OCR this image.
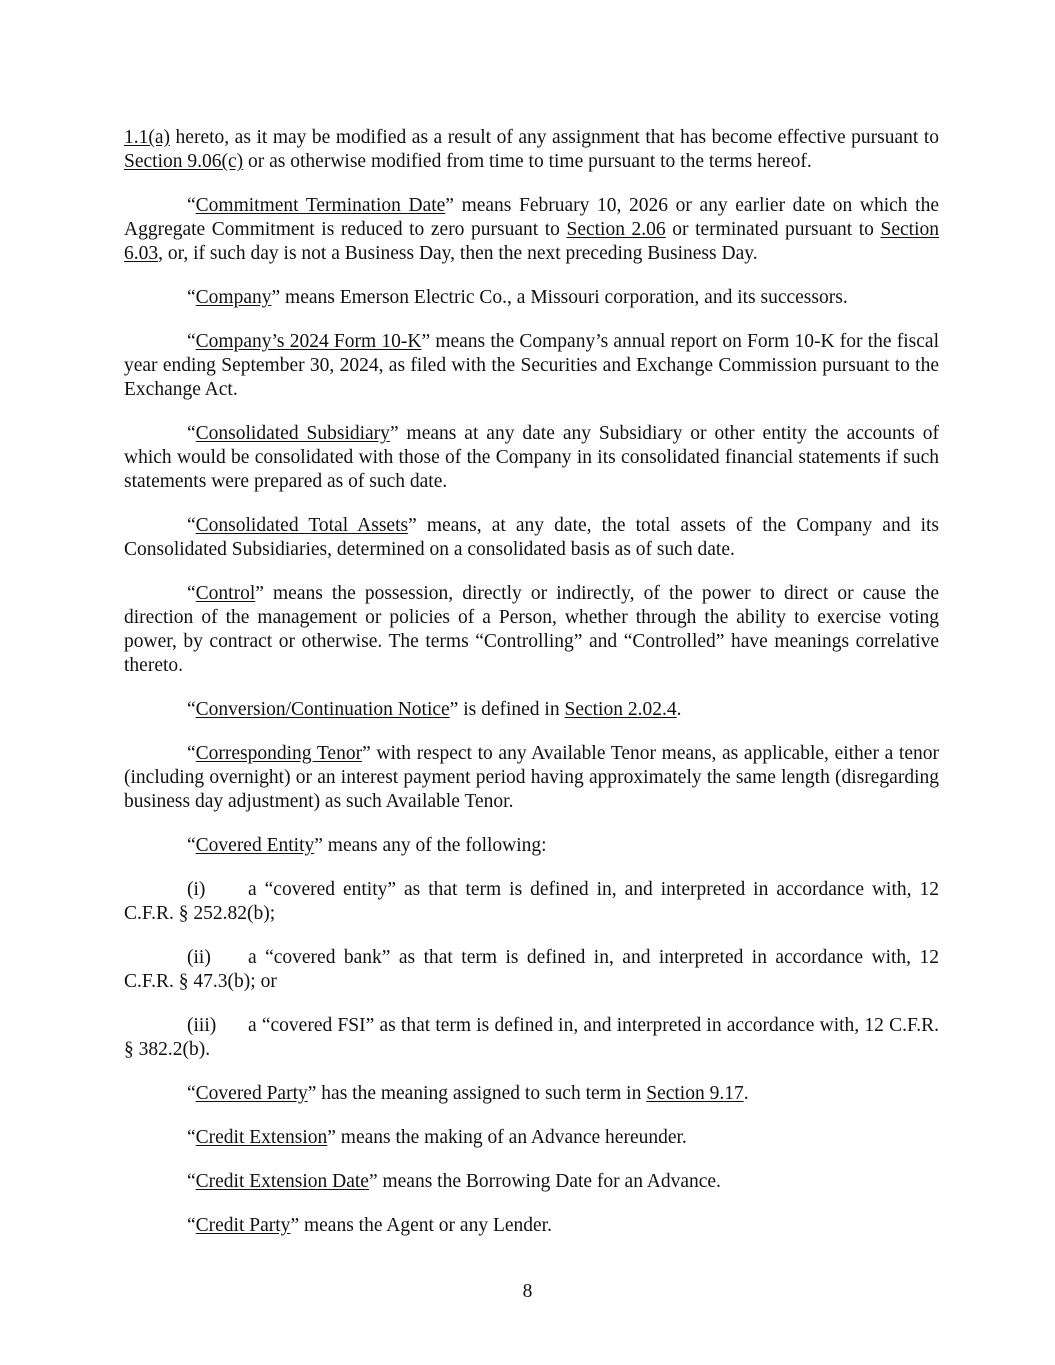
1.1(a) hereto, as it may be modified as a result of any assignment that has become effective pursuant to Section 9.06(c) or as otherwise modified from time to time pursuant to the terms hereof.

“Commitment Termination Date” means February 10, 2026 or any earlier date on which the Aggregate Commitment is reduced to zero pursuant to Section 2.06 or terminated pursuant to Section 6.03, or, if such day is not a Business Day, then the next preceding Business Day.

“Company” means Emerson Electric Co., a Missouri corporation, and its successors.

“Company’s 2024 Form 10-K” means the Company’s annual report on Form 10-K for the fiscal year ending September 30, 2024, as filed with the Securities and Exchange Commission pursuant to the Exchange Act.

“Consolidated Subsidiary” means at any date any Subsidiary or other entity the accounts of which would be consolidated with those of the Company in its consolidated financial statements if such statements were prepared as of such date.

“Consolidated Total Assets” means, at any date, the total assets of the Company and its Consolidated Subsidiaries, determined on a consolidated basis as of such date.

“Control” means the possession, directly or indirectly, of the power to direct or cause the direction of the management or policies of a Person, whether through the ability to exercise voting power, by contract or otherwise. The terms “Controlling” and “Controlled” have meanings correlative thereto.

“Conversion/Continuation Notice” is defined in Section 2.02.4.

“Corresponding Tenor” with respect to any Available Tenor means, as applicable, either a tenor (including overnight) or an interest payment period having approximately the same length (disregarding business day adjustment) as such Available Tenor.

“Covered Entity” means any of the following:

(i) a “covered entity” as that term is defined in, and interpreted in accordance with, 12 C.F.R. § 252.82(b);

(ii) a “covered bank” as that term is defined in, and interpreted in accordance with, 12 C.F.R. § 47.3(b); or

(iii) a “covered FSI” as that term is defined in, and interpreted in accordance with, 12 C.F.R. § 382.2(b).

“Covered Party” has the meaning assigned to such term in Section 9.17.

“Credit Extension” means the making of an Advance hereunder.

“Credit Extension Date” means the Borrowing Date for an Advance.

“Credit Party” means the Agent or any Lender.

8
